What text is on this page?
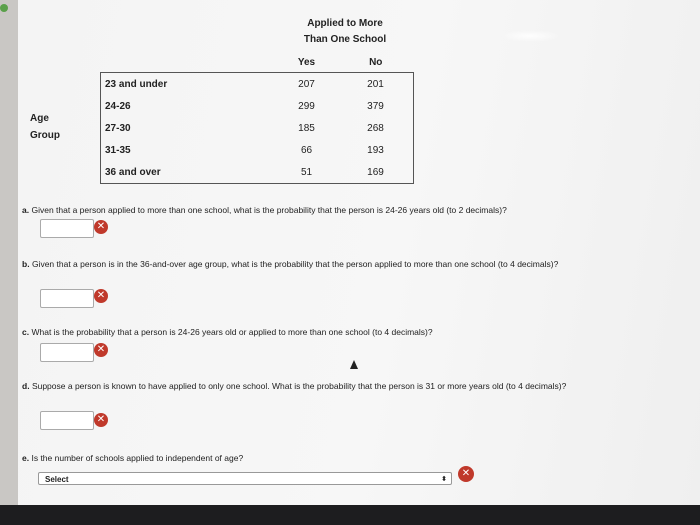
Applied to More
Than One School
Age
Group
	Yes	No
23 and under	207	201
24-26	299	379
27-30	185	268
31-35	66	193
36 and over	51	169
a. Given that a person applied to more than one school, what is the probability that the person is 24-26 years old (to 2 decimals)?
✕
b. Given that a person is in the 36-and-over age group, what is the probability that the person applied to more than one school (to 4 decimals)?
✕
c. What is the probability that a person is 24-26 years old or applied to more than one school (to 4 decimals)?
✕
d. Suppose a person is known to have applied to only one school. What is the probability that the person is 31 or more years old (to 4 decimals)?
✕
e. Is the number of schools applied to independent of age?
Select	⬍
✕
